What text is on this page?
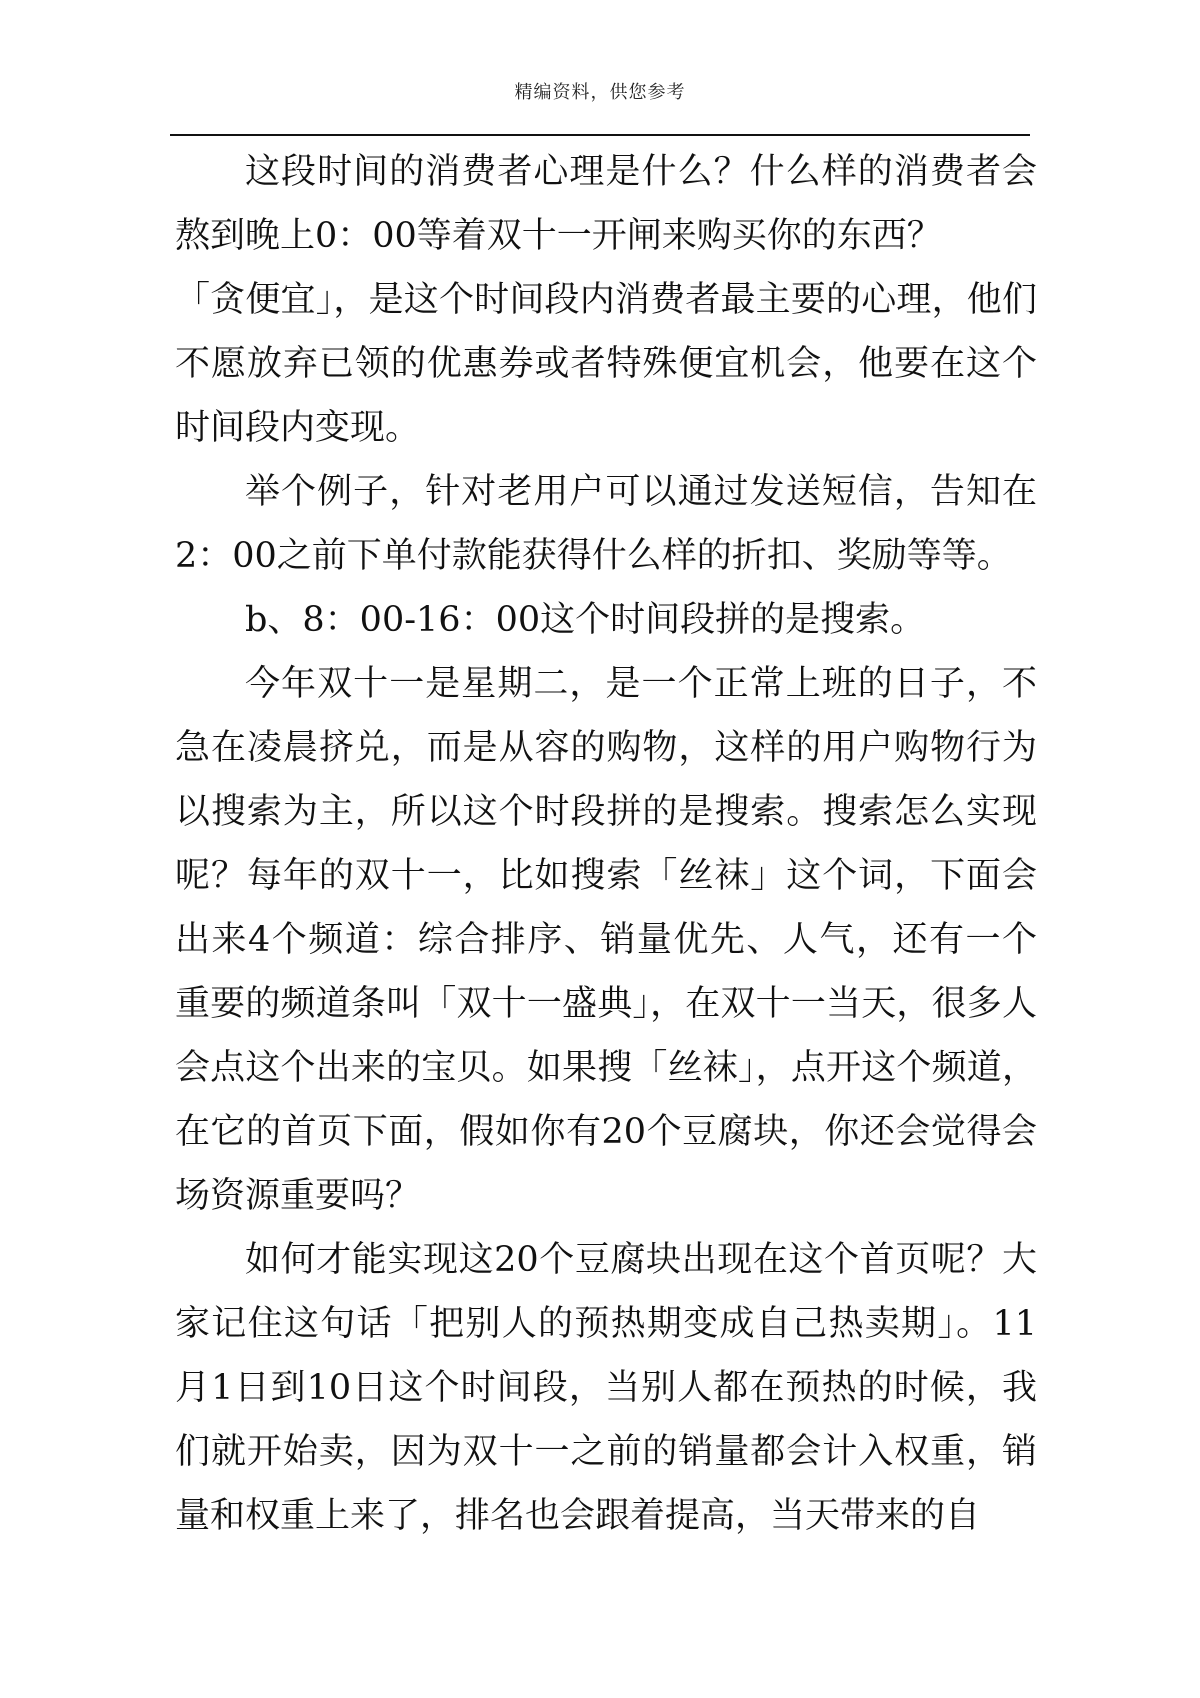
精编资料，供您参考

这段时间的消费者心理是什么？什么样的消费者会熬到晚上0：00等着双十一开闸来购买你的东西？

「贪便宜」，是这个时间段内消费者最主要的心理，他们不愿放弃已领的优惠券或者特殊便宜机会，他要在这个时间段内变现。

举个例子，针对老用户可以通过发送短信，告知在2：00之前下单付款能获得什么样的折扣、奖励等等。

b、8：00-16：00这个时间段拼的是搜索。

今年双十一是星期二，是一个正常上班的日子，不急在凌晨挤兑，而是从容的购物，这样的用户购物行为以搜索为主，所以这个时段拼的是搜索。搜索怎么实现呢？每年的双十一，比如搜索「丝袜」这个词，下面会出来4个频道：综合排序、销量优先、人气，还有一个重要的频道条叫「双十一盛典」，在双十一当天，很多人会点这个出来的宝贝。如果搜「丝袜」，点开这个频道，在它的首页下面，假如你有20个豆腐块，你还会觉得会场资源重要吗？

如何才能实现这20个豆腐块出现在这个首页呢？大家记住这句话「把别人的预热期变成自己热卖期」。11月1日到10日这个时间段，当别人都在预热的时候，我们就开始卖，因为双十一之前的销量都会计入权重，销量和权重上来了，排名也会跟着提高，当天带来的自
